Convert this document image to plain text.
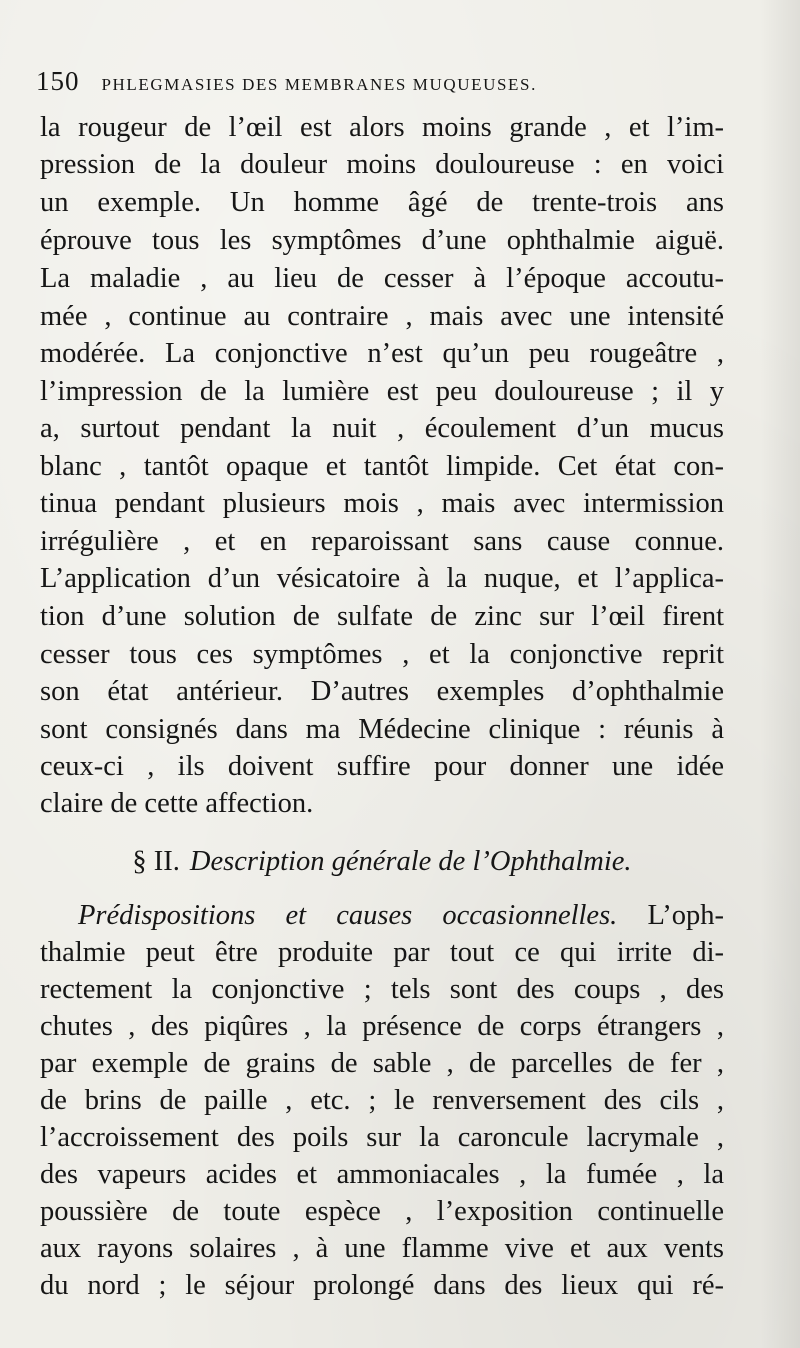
150 PHLEGMASIES DES MEMBRANES MUQUEUSES.
la rougeur de l’œil est alors moins grande , et l’im-
pression de la douleur moins douloureuse : en voici
un exemple. Un homme âgé de trente-trois ans
éprouve tous les symptômes d’une ophthalmie aiguë.
La maladie , au lieu de cesser à l’époque accoutu-
mée , continue au contraire , mais avec une intensité
modérée. La conjonctive n’est qu’un peu rougeâtre ,
l’impression de la lumière est peu douloureuse ; il y
a, surtout pendant la nuit , écoulement d’un mucus
blanc , tantôt opaque et tantôt limpide. Cet état con-
tinua pendant plusieurs mois , mais avec intermission
irrégulière , et en reparoissant sans cause connue.
L’application d’un vésicatoire à la nuque, et l’applica-
tion d’une solution de sulfate de zinc sur l’œil firent
cesser tous ces symptômes , et la conjonctive reprit
son état antérieur. D’autres exemples d’ophthalmie
sont consignés dans ma Médecine clinique : réunis à
ceux-ci , ils doivent suffire pour donner une idée
claire de cette affection.
§ II. Description générale de l’Ophthalmie.
Prédispositions et causes occasionnelles. L’oph-
thalmie peut être produite par tout ce qui irrite di-
rectement la conjonctive ; tels sont des coups , des
chutes , des piqûres , la présence de corps étrangers ,
par exemple de grains de sable , de parcelles de fer ,
de brins de paille , etc. ; le renversement des cils ,
l’accroissement des poils sur la caroncule lacrymale ,
des vapeurs acides et ammoniacales , la fumée , la
poussière de toute espèce , l’exposition continuelle
aux rayons solaires , à une flamme vive et aux vents
du nord ; le séjour prolongé dans des lieux qui ré-
